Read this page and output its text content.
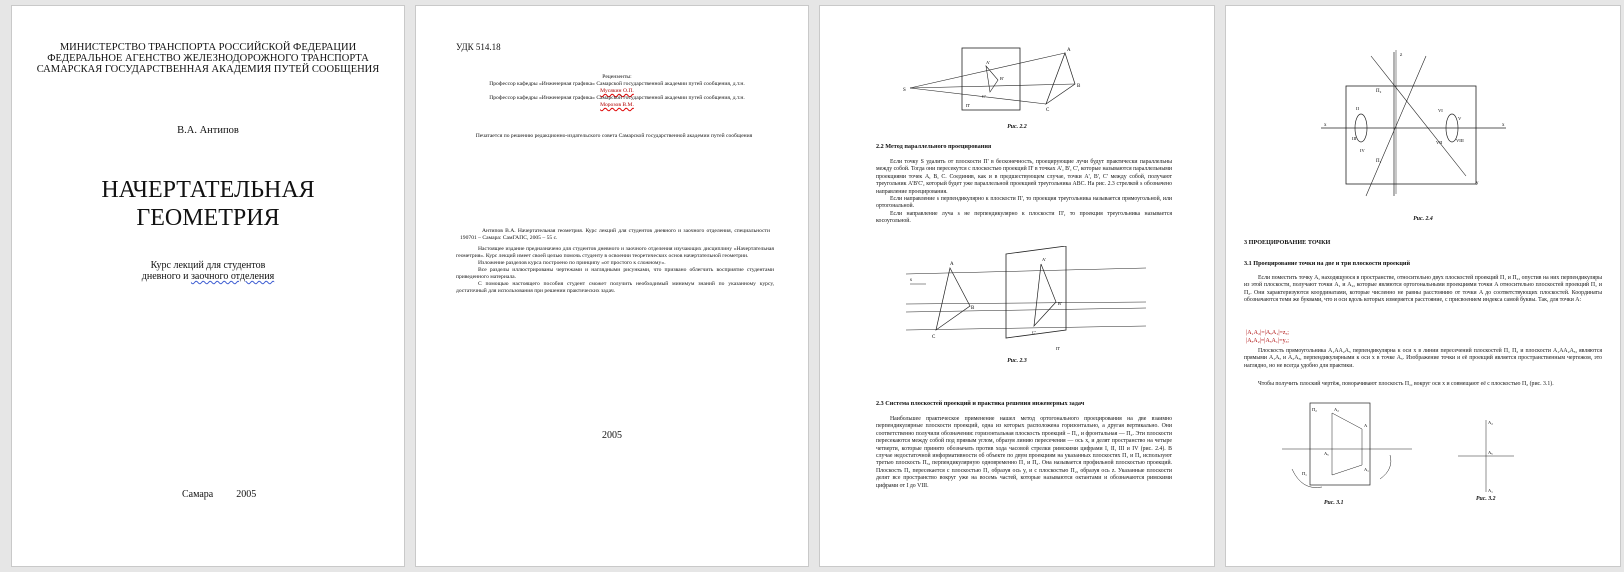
МИНИСТЕРСТВО ТРАНСПОРТА РОССИЙСКОЙ ФЕДЕРАЦИИ
ФЕДЕРАЛЬНОЕ АГЕНСТВО ЖЕЛЕЗНОДОРОЖНОГО ТРАНСПОРТА
САМАРСКАЯ ГОСУДАРСТВЕННАЯ АКАДЕМИЯ ПУТЕЙ СООБЩЕНИЯ
В.А. Антипов
НАЧЕРТАТЕЛЬНАЯ
ГЕОМЕТРИЯ
Курс лекций для студентов
дневного и заочного отделения
Самара 2005
УДК 514.18
Рецензенты:
Профессор кафедры «Инженерная графика» Самарской государственной академии путей сообщения, д.т.н.
Мусякин О.П.
Профессор кафедры «Инженерная графика» Самарской государственной академии путей сообщения, д.т.н.
Морозов В.М.
Печатается по решению редакционно-издательского совета Самарской государственной академии путей сообщения
Антипов В.А. Начертательная геометрия. Курс лекций для студентов дневного и заочного отделения, специальности 190701 – Самара: СамГАПС, 2005 – 55 с.
Настоящее издание предназначено для студентов дневного и заочного отделения изучающих дисциплину «Начертательная геометрия». Курс лекций имеет своей целью помочь студенту в освоении теоретических основ начертательной геометрии.
Изложение разделов курса построено по принципу «от простого к сложному».
Все разделы иллюстрированы чертежами и наглядными рисунками, что призвано облегчить восприятие студентами приведенного материала.
С помощью настоящего пособия студент сможет получить необходимый минимум знаний по указанному курсу, достаточный для использования при решении практических задач.
2005
S
A
B
C
A'
B'
C'
П'
Рис. 2.2
2.2 Метод параллельного проецирования
Если точку S удалить от плоскости П' в бесконечность, проецирующие лучи будут практически параллельны между собой. Тогда они пересекутся с плоскостью проекций П' в точках A', B', C', которые называются параллельными проекциями точек A, B, C. Соединив, как и в предшествующем случае, точки A', B', C' между собой, получают треугольник A'B'C', который будет уже параллельной проекцией треугольника ABC. На рис. 2.3 стрелкой s обозначено направление проецирования.
Если направление s перпендикулярно к плоскости П', то проекция треугольника называется прямоугольной, или ортогональной.
Если направление луча s не перпендикулярно к плоскости П', то проекция треугольника называется косоугольной.
s
A
B
C
A'
B'
C'
П'
Рис. 2.3
2.3 Система плоскостей проекций и практика решения инженерных задач
Наибольшее практическое применение нашел метод ортогонального проецирования на две взаимно перпендикулярные плоскости проекций, одна из которых расположена горизонтально, а другая вертикально. Они соответственно получили обозначения: горизонтальная плоскость проекций – П₁, и фронтальная — П₂. Эти плоскости пересекаются между собой под прямым углом, образуя линию пересечения — ось x, и делят пространство на четыре четверти, которые принято обозначать против хода часовой стрелки римскими цифрами I, II, III и IV (рис. 2.4). В случае недостаточной информативности об объекте по двум проекциям на указанных плоскостях П₁ и П₂ используют третью плоскость П₃, перпендикулярную одновременно П₁ и П₂. Она называется профильной плоскостью проекций. Плоскость П₃ пересекается с плоскостью П₁ образуя ось y, и с плоскостью П₂, образуя ось z. Указанные плоскости делят все пространство вокруг уже на восемь частей, которые называются октантами и обозначаются римскими цифрами от I до VIII.
П₂
П₁
II
III
IV
VI
V
VII	VIII
z
x
x
y
Рис. 2.4
3 ПРОЕЦИРОВАНИЕ ТОЧКИ
3.1 Проецирование точки на две и три плоскости проекций
Если поместить точку A, находящуюся в пространстве, относительно двух плоскостей проекций П₁ и П₂, опустив на них перпендикуляры из этой плоскости, получают точки A₁ и A₂, которые являются ортогональными проекциями точки A относительно плоскостей проекций П₁ и П₂. Они характеризуются координатами, которые численно не равны расстоянию от точки A до соответствующих плоскостей. Координаты обозначаются теми же буквами, что и оси вдоль которых измеряется расстояние, с присвоением индекса самой буквы. Так, для точки A:
|A₁A₂|=|AₓA₁|=zₐ;
|AₓA₂|=|AₓA₁|=yₐ;
Плоскость прямоугольника A₁AA₂Aₓ перпендикулярна к оси x в линии пересечений плоскостей П₁ П₂ и плоскости A₁AA₂Aₓ, являются прямыми A₁Aₓ и A₂Aₓ, перпендикулярными к оси x в точке Aₓ. Изображение точки и её проекций является пространственным чертежом, это наглядно, но не всегда удобно для практики.
Чтобы получить плоский чертёж, поворачивают плоскость П₁, вокруг оси x и совмещают её с плоскостью П₂ (рис. 3.1).
П₂	A₂
A
Aₓ
A₁
П₁
A₂
Aₓ
A₁
Рис. 3.1
Рис. 3.2
